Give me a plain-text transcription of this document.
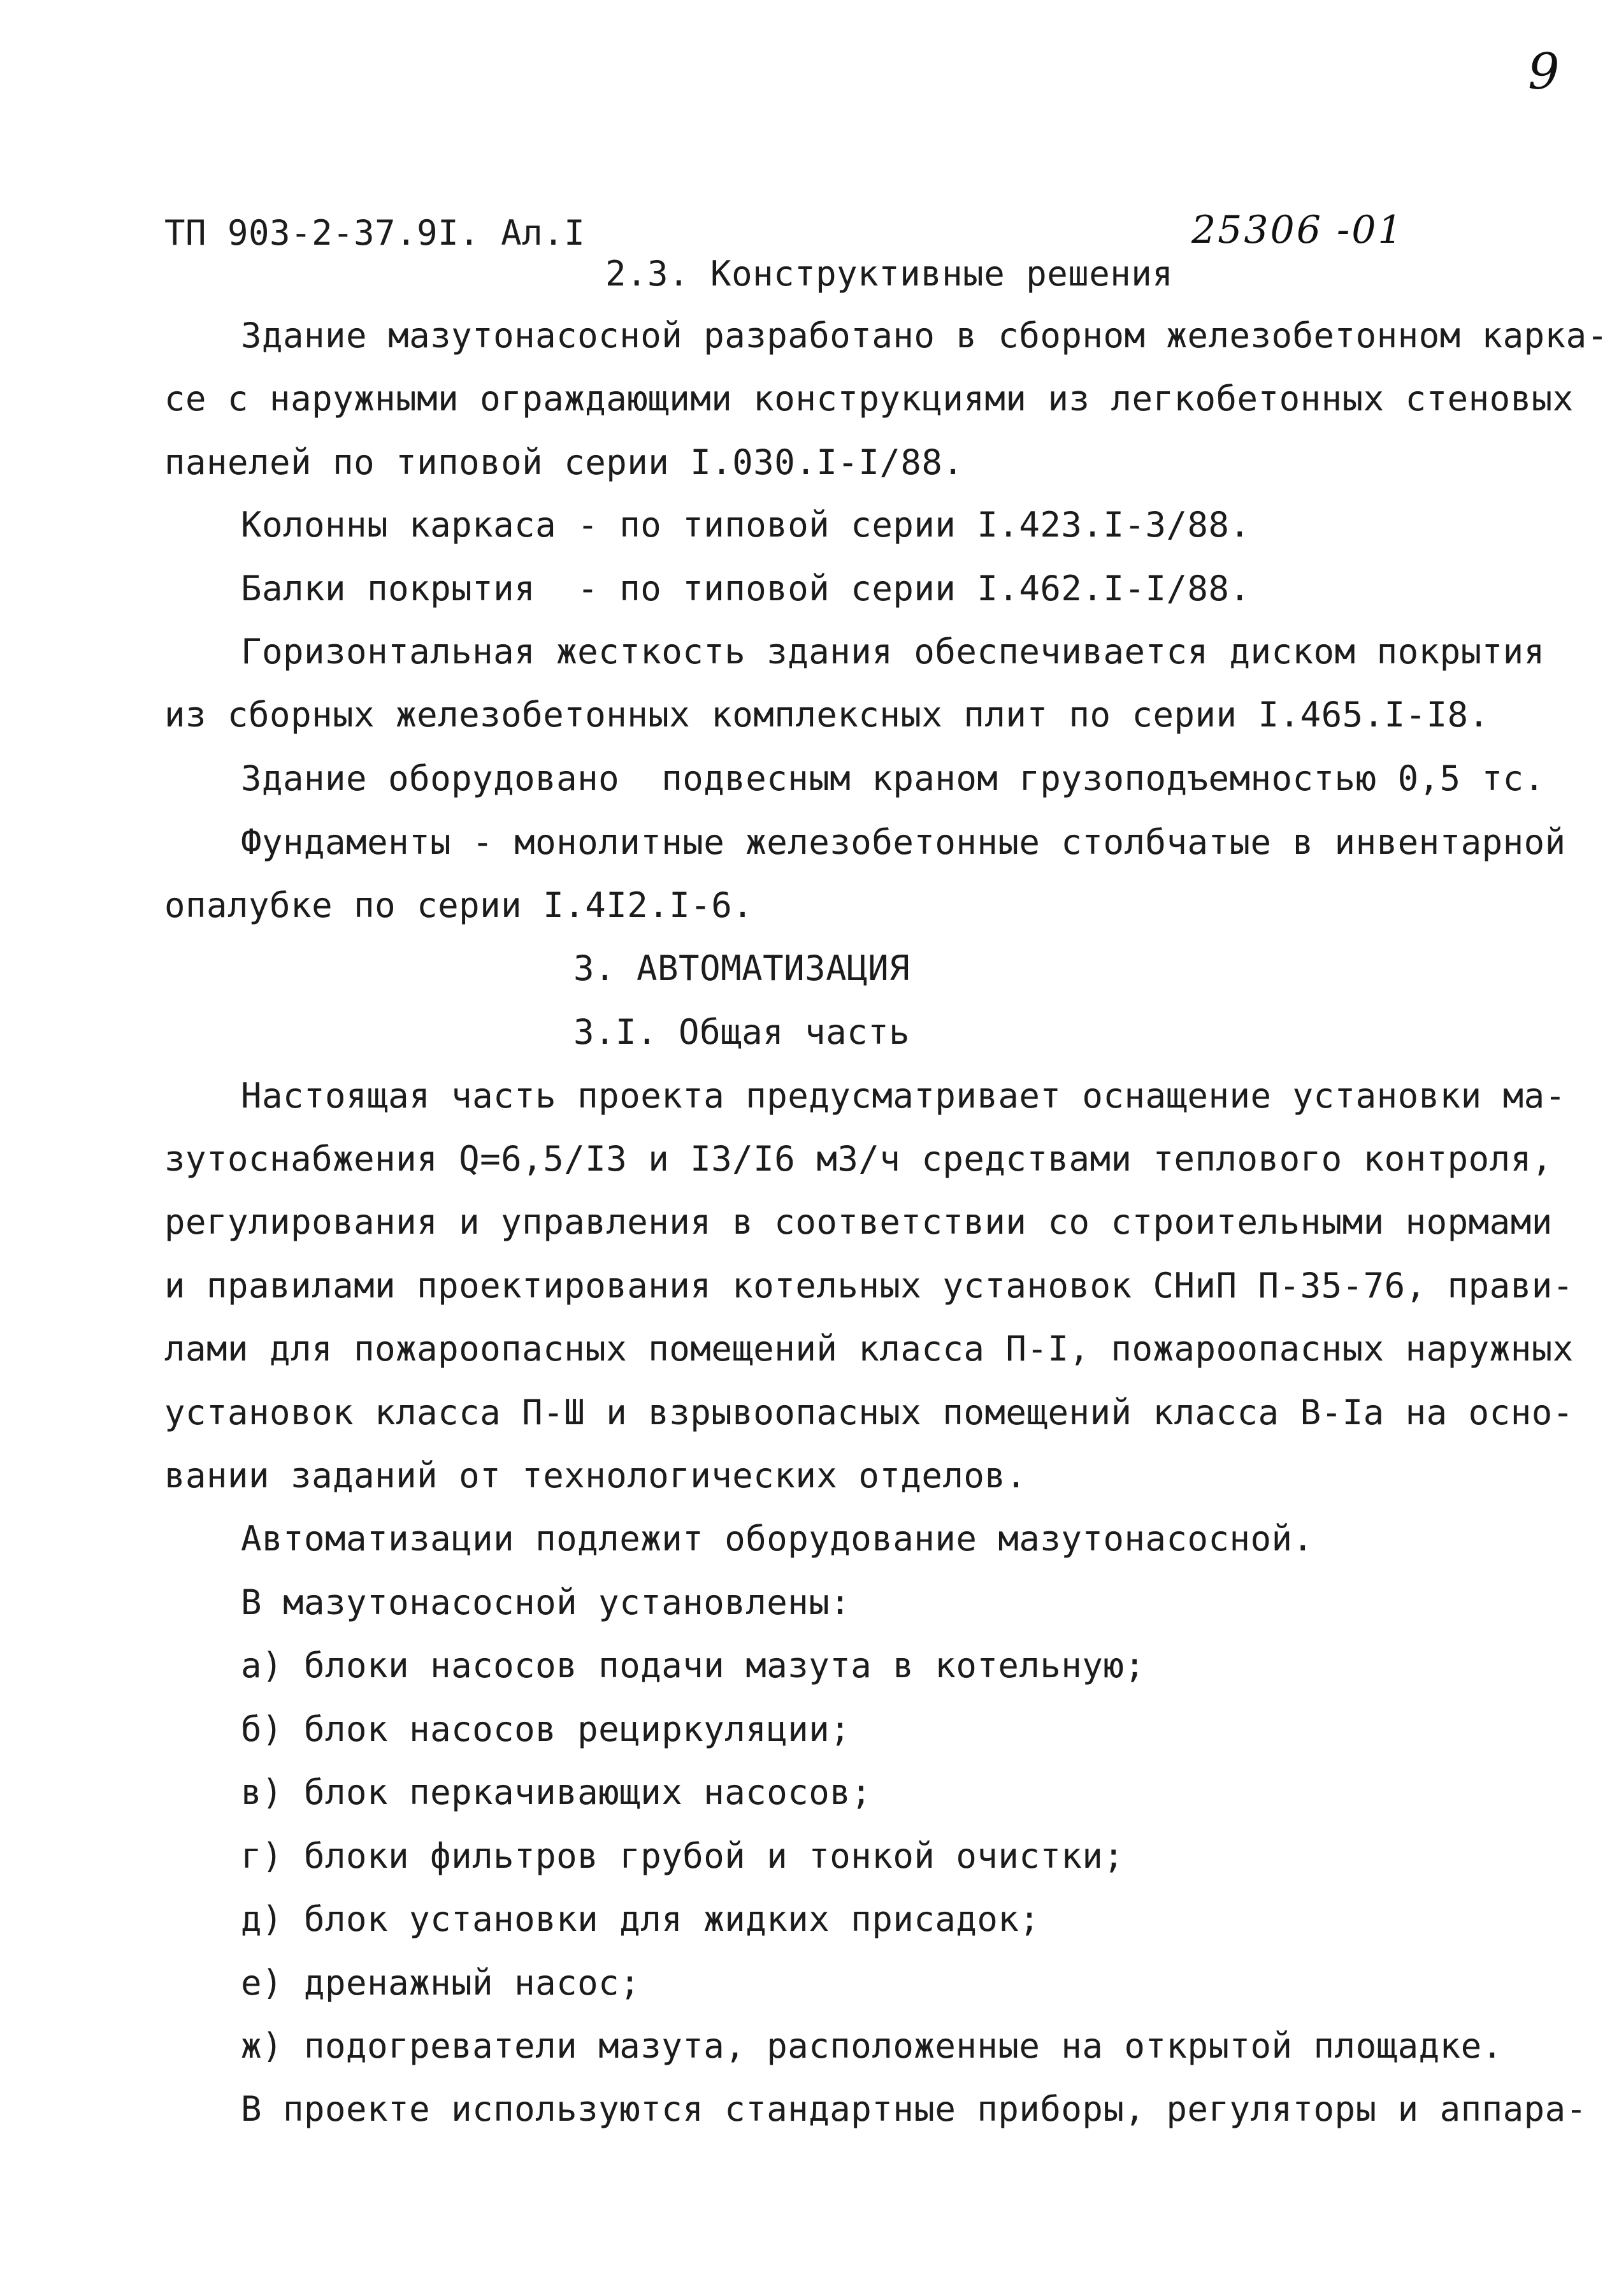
9
ТП 903-2-37.9I. Ал.I	25306 -01
2.3. Конструктивные решения
Здание мазутонасосной разработано в сборном железобетонном карка-
се с наружными ограждающими конструкциями из легкобетонных стеновых
панелей по типовой серии I.030.I-I/88.
Колонны каркаса - по типовой серии I.423.I-3/88.
Балки покрытия  - по типовой серии I.462.I-I/88.
Горизонтальная жесткость здания обеспечивается диском покрытия
из сборных железобетонных комплексных плит по серии I.465.I-I8.
Здание оборудовано  подвесным краном грузоподъемностью 0,5 тс.
Фундаменты - монолитные железобетонные столбчатые в инвентарной
опалубке по серии I.4I2.I-6.
3. АВТОМАТИЗАЦИЯ
3.I. Общая часть
Настоящая часть проекта предусматривает оснащение установки ма-
зутоснабжения Q=6,5/I3 и I3/I6 м3/ч средствами теплового контроля,
регулирования и управления в соответствии со строительными нормами
и правилами проектирования котельных установок СНиП П-35-76, прави-
лами для пожароопасных помещений класса П-I, пожароопасных наружных
установок класса П-Ш и взрывоопасных помещений класса В-Iа на осно-
вании заданий от технологических отделов.
Автоматизации подлежит оборудование мазутонасосной.
В мазутонасосной установлены:
а) блоки насосов подачи мазута в котельную;
б) блок насосов рециркуляции;
в) блок перкачивающих насосов;
г) блоки фильтров грубой и тонкой очистки;
д) блок установки для жидких присадок;
е) дренажный насос;
ж) подогреватели мазута, расположенные на открытой площадке.
В проекте используются стандартные приборы, регуляторы и аппара-
